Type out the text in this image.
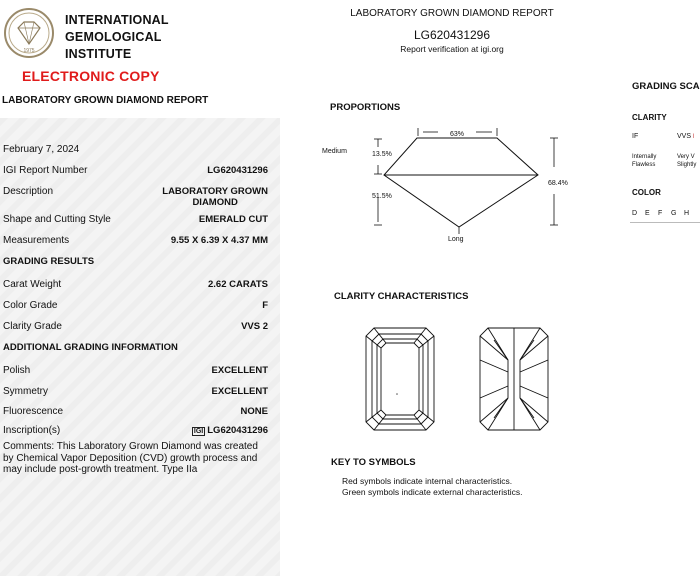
1975
INTERNATIONAL
GEMOLOGICAL
INSTITUTE
ELECTRONIC COPY
LABORATORY GROWN DIAMOND REPORT
LABORATORY GROWN DIAMOND REPORT
LG620431296
Report verification at igi.org
February 7, 2024
IGI Report Number	LG620431296
Description	LABORATORY GROWN
DIAMOND
Shape and Cutting Style	EMERALD CUT
Measurements	9.55 X 6.39 X 4.37 MM
GRADING RESULTS
Carat Weight	2.62 CARATS
Color Grade	F
Clarity Grade	VVS 2
ADDITIONAL GRADING INFORMATION
Polish	EXCELLENT
Symmetry	EXCELLENT
Fluorescence	NONE
Inscription(s)	IGI LG620431296
Comments: This Laboratory Grown Diamond was created by Chemical Vapor Deposition (CVD) growth process and may include post-growth treatment. Type IIa
PROPORTIONS
63%
13.5%
51.5%
68.4%
Medium
Long
CLARITY CHARACTERISTICS
KEY TO SYMBOLS
Red symbols indicate internal characteristics.
Green symbols indicate external characteristics.
GRADING SCA
CLARITY
IF	VVS I
Internally
Flawless
Very V
Slightly
COLOR
D E F G H
